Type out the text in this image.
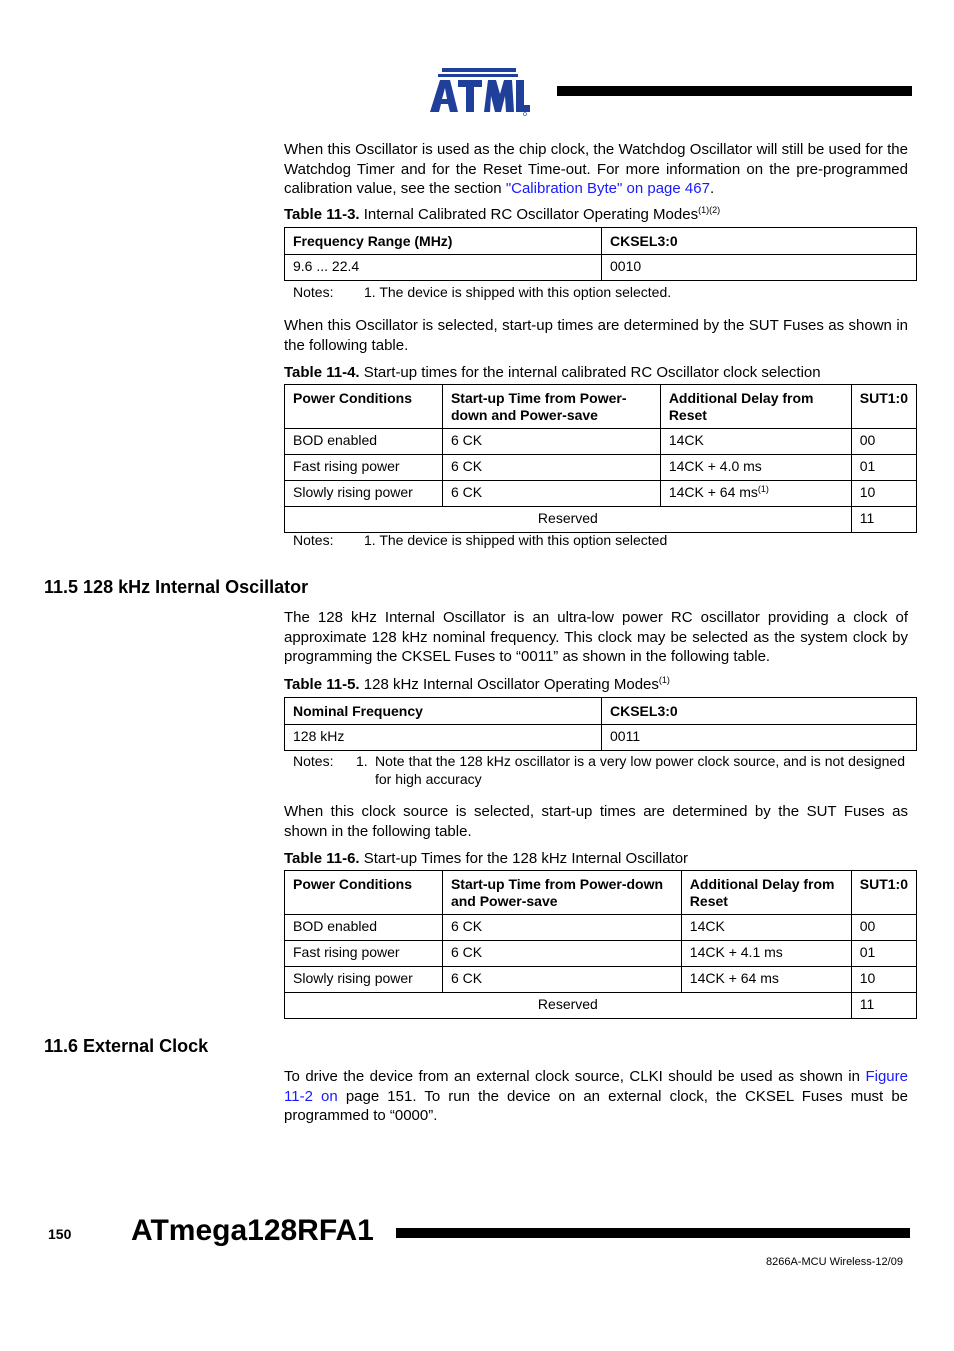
When this Oscillator is used as the chip clock, the Watchdog Oscillator will still be used for the Watchdog Timer and for the Reset Time-out. For more information on the pre-programmed calibration value, see the section "Calibration Byte" on page 467.

Table 11-3. Internal Calibrated RC Oscillator Operating Modes$^{(1)(2)}$
Frequency Range (MHz)	CKSEL3:0
9.6 ... 22.4	0010
Notes: 1. The device is shipped with this option selected.

When this Oscillator is selected, start-up times are determined by the SUT Fuses as shown in the following table.

Table 11-4. Start-up times for the internal calibrated RC Oscillator clock selection
Power Conditions	Start-up Time from Power-down and Power-save	Additional Delay from Reset	SUT1:0
BOD enabled	6 CK	14CK	00
Fast rising power	6 CK	14CK + 4.0 ms	01
Slowly rising power	6 CK	14CK + 64 $ms^{(1)}$	10
Reserved			11
Notes: 1. The device is shipped with this option selected
11.5 128 kHz Internal Oscillator

The 128 kHz Internal Oscillator is an ultra-low power RC oscillator providing a clock of approximate 128 kHz nominal frequency. This clock may be selected as the system clock by programming the CKSEL Fuses to “0011” as shown in the following table.

Table 11-5. 128 kHz Internal Oscillator Operating Modes$^{(1)}$
Nominal Frequency	CKSEL3:0
128 kHz	0011
Notes: 1. Note that the 128 kHz oscillator is a very low power clock source, and is not designed for high accuracy

When this clock source is selected, start-up times are determined by the SUT Fuses as shown in the following table.

Table 11-6. Start-up Times for the 128 kHz Internal Oscillator
Power Conditions	Start-up Time from Power-down and Power-save	Additional Delay from Reset	SUT1:0
BOD enabled	6 CK	14CK	00
Fast rising power	6 CK	14CK + 4.1 ms	01
Slowly rising power	6 CK	14CK + 64 ms	10
Reserved			11
11.6 External Clock

To drive the device from an external clock source, CLKI should be used as shown in Figure 11-2 on page 151. To run the device on an external clock, the CKSEL Fuses must be programmed to “0000”.

150 ATmega128RFA1
8266A-MCU Wireless-12/09
